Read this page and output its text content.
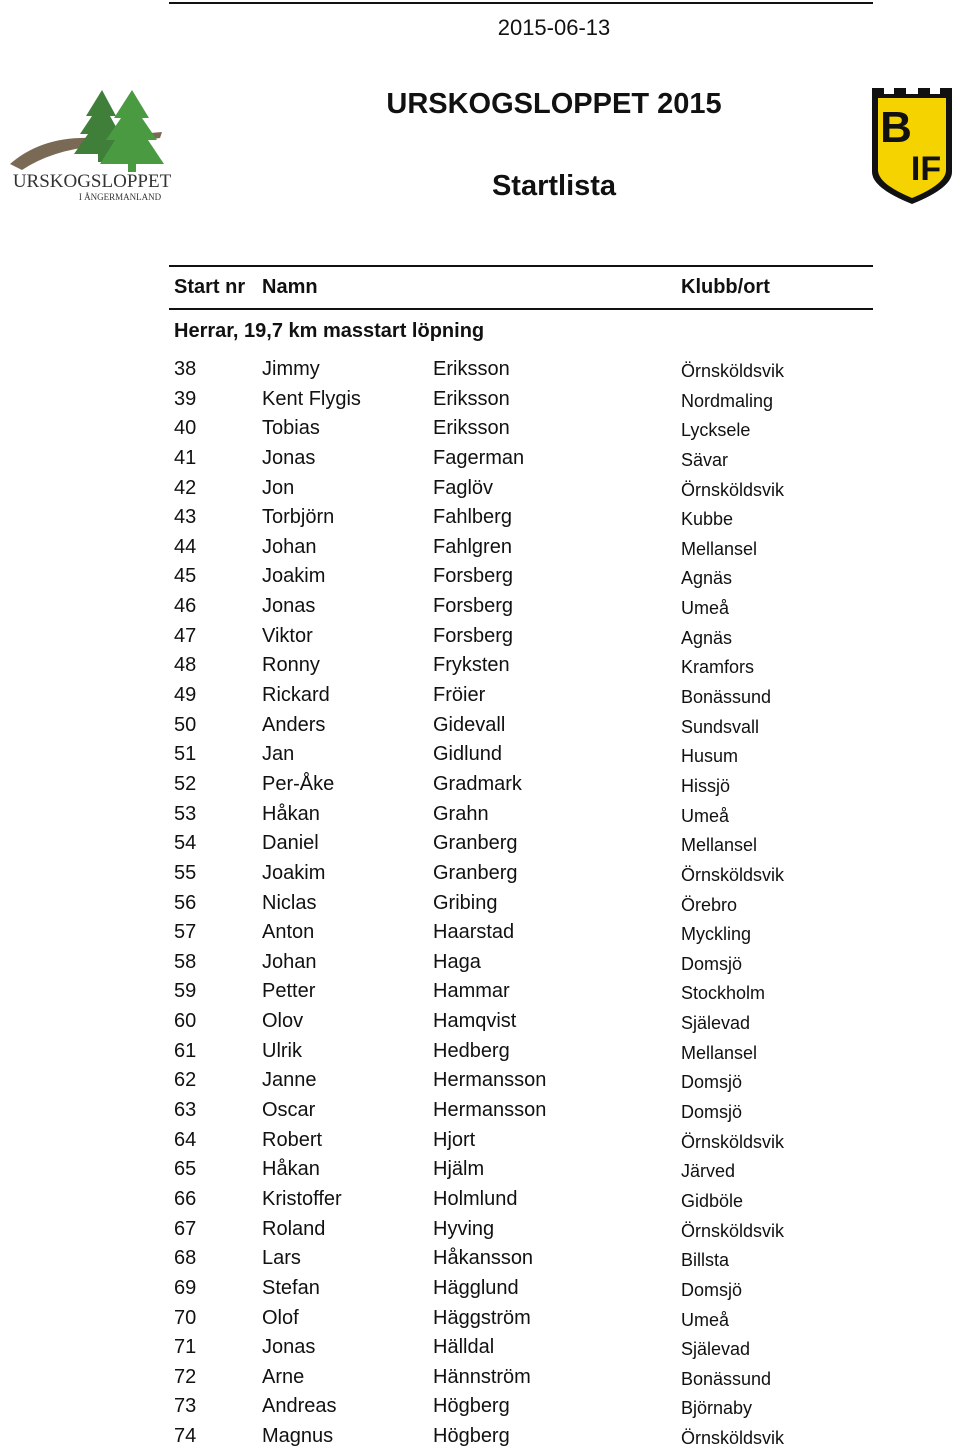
2015-06-13
URSKOGSLOPPET 2015
Startlista
URSKOGSLOPPET
I ÅNGERMANLAND
B
IF
Start nr Namn	Klubb/ort
Herrar, 19,7 km masstart löpning
38	Jimmy	Eriksson	Örnsköldsvik
39	Kent Flygis	Eriksson	Nordmaling
40	Tobias	Eriksson	Lycksele
41	Jonas	Fagerman	Sävar
42	Jon	Faglöv	Örnsköldsvik
43	Torbjörn	Fahlberg	Kubbe
44	Johan	Fahlgren	Mellansel
45	Joakim	Forsberg	Agnäs
46	Jonas	Forsberg	Umeå
47	Viktor	Forsberg	Agnäs
48	Ronny	Fryksten	Kramfors
49	Rickard	Fröier	Bonässund
50	Anders	Gidevall	Sundsvall
51	Jan	Gidlund	Husum
52	Per-Åke	Gradmark	Hissjö
53	Håkan	Grahn	Umeå
54	Daniel	Granberg	Mellansel
55	Joakim	Granberg	Örnsköldsvik
56	Niclas	Gribing	Örebro
57	Anton	Haarstad	Myckling
58	Johan	Haga	Domsjö
59	Petter	Hammar	Stockholm
60	Olov	Hamqvist	Själevad
61	Ulrik	Hedberg	Mellansel
62	Janne	Hermansson	Domsjö
63	Oscar	Hermansson	Domsjö
64	Robert	Hjort	Örnsköldsvik
65	Håkan	Hjälm	Järved
66	Kristoffer	Holmlund	Gidböle
67	Roland	Hyving	Örnsköldsvik
68	Lars	Håkansson	Billsta
69	Stefan	Hägglund	Domsjö
70	Olof	Häggström	Umeå
71	Jonas	Hälldal	Själevad
72	Arne	Hännström	Bonässund
73	Andreas	Högberg	Björnaby
74	Magnus	Högberg	Örnsköldsvik
